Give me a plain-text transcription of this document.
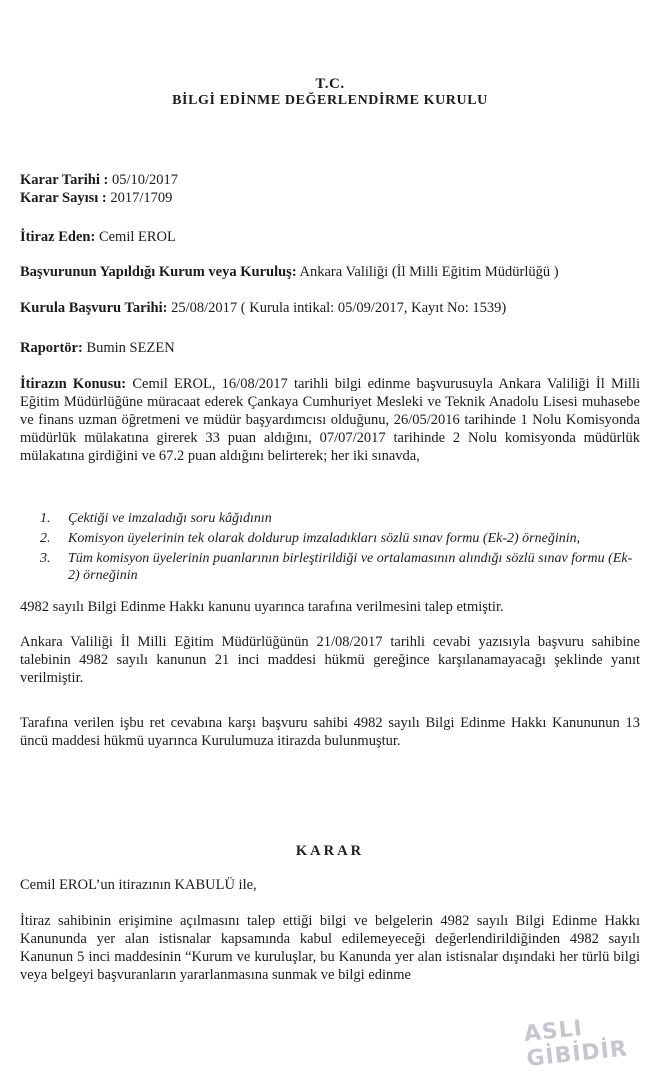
T.C.
BİLGİ EDİNME DEĞERLENDİRME KURULU
Karar Tarihi : 05/10/2017
Karar Sayısı : 2017/1709
İtiraz Eden: Cemil EROL
Başvurunun Yapıldığı Kurum veya Kuruluş: Ankara Valiliği (İl Milli Eğitim Müdürlüğü )
Kurula Başvuru Tarihi: 25/08/2017 ( Kurula intikal: 05/09/2017, Kayıt No: 1539)
Raportör: Bumin SEZEN
İtirazın Konusu: Cemil EROL, 16/08/2017 tarihli bilgi edinme başvurusuyla Ankara Valiliği İl Milli Eğitim Müdürlüğüne müracaat ederek Çankaya Cumhuriyet Mesleki ve Teknik Anadolu Lisesi muhasebe ve finans uzman öğretmeni ve müdür başyardımcısı olduğunu, 26/05/2016 tarihinde 1 Nolu Komisyonda müdürlük mülakatına girerek 33 puan aldığını, 07/07/2017 tarihinde 2 Nolu komisyonda müdürlük mülakatına girdiğini ve 67.2 puan aldığını belirterek; her iki sınavda,
1. Çektiği ve imzaladığı soru kâğıdının
2. Komisyon üyelerinin tek olarak doldurup imzaladıkları sözlü sınav formu (Ek-2) örneğinin,
3. Tüm komisyon üyelerinin puanlarının birleştirildiği ve ortalamasının alındığı sözlü sınav formu (Ek-2) örneğinin
4982 sayılı Bilgi Edinme Hakkı kanunu uyarınca tarafına verilmesini talep etmiştir.
Ankara Valiliği İl Milli Eğitim Müdürlüğünün 21/08/2017 tarihli cevabi yazısıyla başvuru sahibine talebinin 4982 sayılı kanunun 21 inci maddesi hükmü gereğince karşılanamayacağı şeklinde yanıt verilmiştir.
Tarafına verilen işbu ret cevabına karşı başvuru sahibi 4982 sayılı Bilgi Edinme Hakkı Kanununun 13 üncü maddesi hükmü uyarınca Kurulumuza itirazda bulunmuştur.
KARAR
Cemil EROL’un itirazının KABULÜ ile,
İtiraz sahibinin erişimine açılmasını talep ettiği bilgi ve belgelerin 4982 sayılı Bilgi Edinme Hakkı Kanununda yer alan istisnalar kapsamında kabul edilemeyeceği değerlendirildiğinden 4982 sayılı Kanunun 5 inci maddesinin “Kurum ve kuruluşlar, bu Kanunda yer alan istisnalar dışındaki her türlü bilgi veya belgeyi başvuranların yararlanmasına sunmak ve bilgi edinme
ASLI GİBİDİR
